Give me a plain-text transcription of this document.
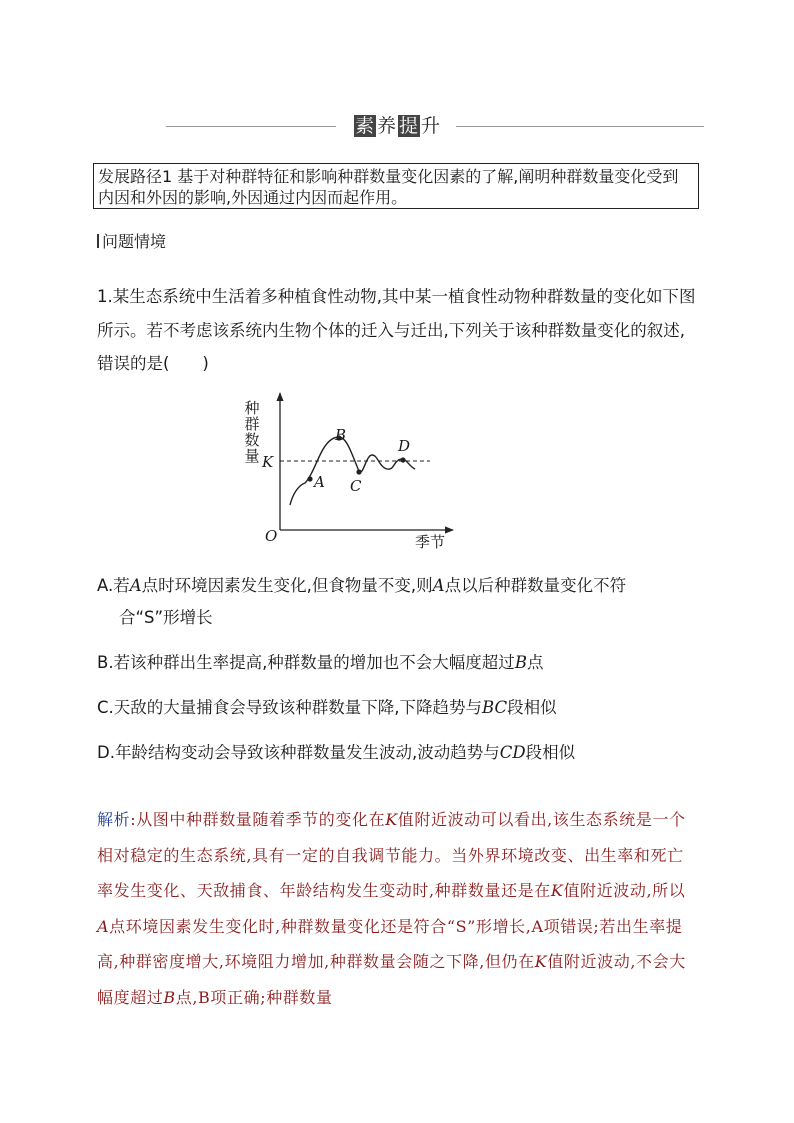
素 养 提 升
发展路径1 基于对种群特征和影响种群数量变化因素的了解,阐明种群数量变化受到内因和外因的影响,外因通过内因而起作用。
问题情境
1.某生态系统中生活着多种植食性动物,其中某一植食性动物种群数量的变化如下图所示。若不考虑该系统内生物个体的迁入与迁出,下列关于该种群数量变化的叙述,错误的是(　　)
种群数量 K
A
B
C
D
O	季节
A.若A点时环境因素发生变化,但食物量不变,则A点以后种群数量变化不符
合“S”形增长
B.若该种群出生率提高,种群数量的增加也不会大幅度超过B点
C.天敌的大量捕食会导致该种群数量下降,下降趋势与BC段相似
D.年龄结构变动会导致该种群数量发生波动,波动趋势与CD段相似
解析:从图中种群数量随着季节的变化在K值附近波动可以看出,该生态系统是一个相对稳定的生态系统,具有一定的自我调节能力。当外界环境改变、出生率和死亡率发生变化、天敌捕食、年龄结构发生变动时,种群数量还是在K值附近波动,所以A点环境因素发生变化时,种群数量变化还是符合“S”形增长,A项错误;若出生率提高,种群密度增大,环境阻力增加,种群数量会随之下降,但仍在K值附近波动,不会大幅度超过B点,B项正确;种群数量
